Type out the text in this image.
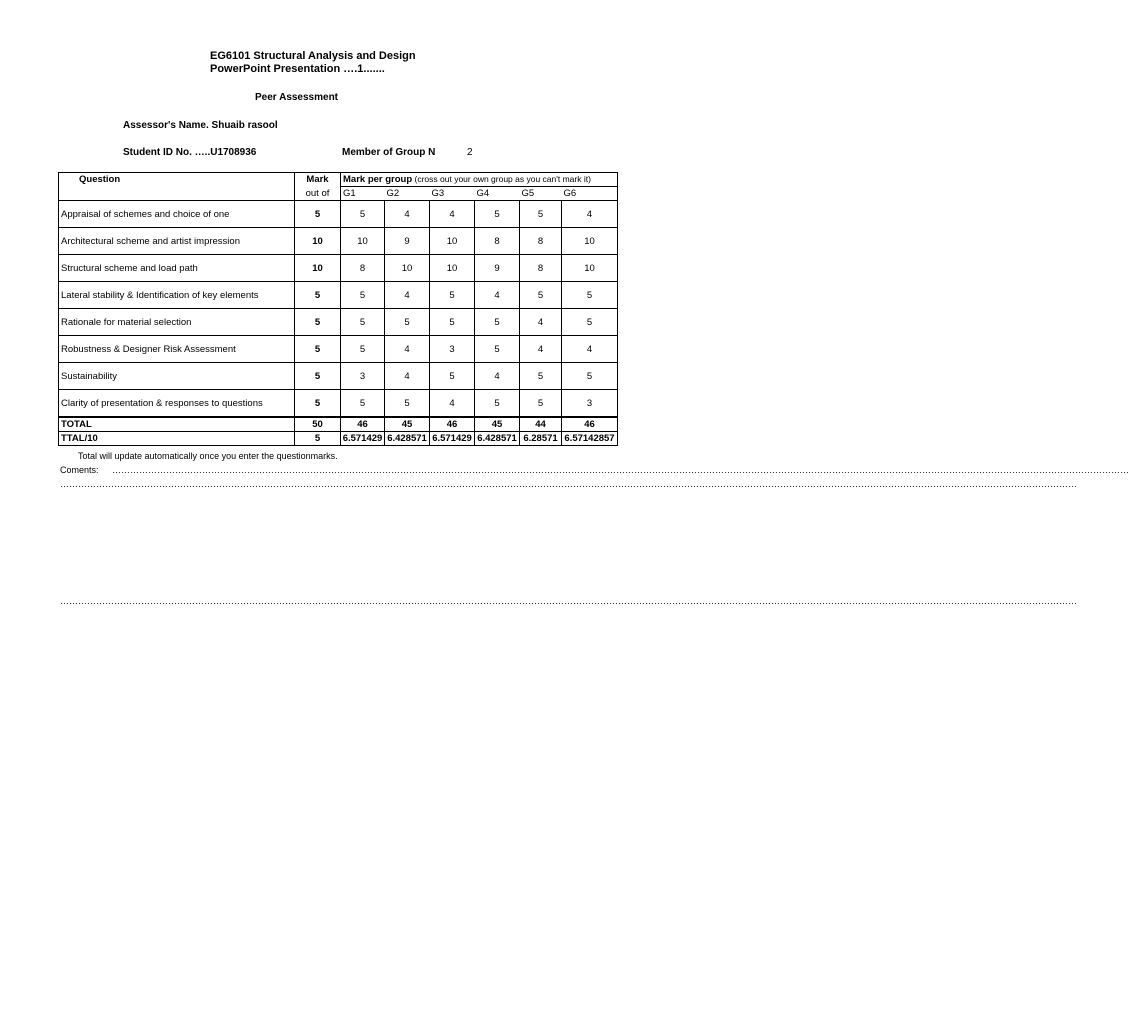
EG6101 Structural Analysis and Design
PowerPoint Presentation ….1.......
Peer Assessment
Assessor's Name. Shuaib rasool
Student ID No. …..U1708936	Member of Group N	2
Question	Mark	Mark per group (cross out your own group as you can't mark it)					
	out of	G1	G2	G3	G4	G5	G6
Appraisal of schemes and choice of one	5	5	4	4	5	5	4
Architectural scheme and artist impression	10	10	9	10	8	8	10
Structural scheme and load path	10	8	10	10	9	8	10
Lateral stability & Identification of key elements	5	5	4	5	4	5	5
Rationale for material selection	5	5	5	5	5	4	5
Robustness & Designer Risk Assessment	5	5	4	3	5	4	4
Sustainability	5	3	4	5	4	5	5
Clarity of presentation & responses to questions	5	5	5	4	5	5	3
TOTAL	50	46	45	46	45	44	46
TTAL/10	5	6.571429	6.428571	6.571429	6.428571	6.28571	6.57142857
Total will update automatically once you enter the questionmarks.
Coments: ……………………………………………………………………………………………………………………………………………………………………………………………………………………………………………………………………………………………………………
……………………………………………………………………………………………………………………………………………………………………………………………………………………………………………………………………………………………………………
……………………………………………………………………………………………………………………………………………………………………………………………………………………………………………………………………………………………………………
